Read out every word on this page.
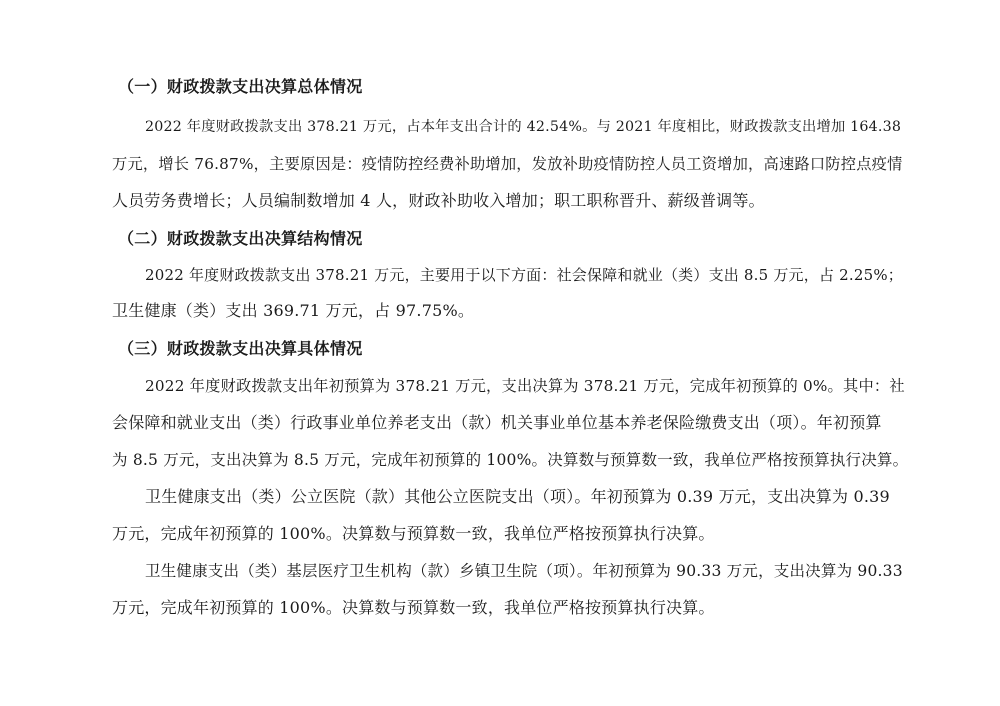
（一）财政拨款支出决算总体情况
2022 年度财政拨款支出 378.21 万元，占本年支出合计的 42.54%。与 2021 年度相比，财政拨款支出增加 164.38
万元，增长 76.87%，主要原因是：疫情防控经费补助增加，发放补助疫情防控人员工资增加，高速路口防控点疫情
人员劳务费增长；人员编制数增加 4 人，财政补助收入增加；职工职称晋升、薪级普调等。
（二）财政拨款支出决算结构情况
2022 年度财政拨款支出 378.21 万元，主要用于以下方面：社会保障和就业（类）支出 8.5 万元，占 2.25%；
卫生健康（类）支出 369.71 万元，占 97.75%。
（三）财政拨款支出决算具体情况
2022 年度财政拨款支出年初预算为 378.21 万元，支出决算为 378.21 万元，完成年初预算的 0%。其中：社
会保障和就业支出（类）行政事业单位养老支出（款）机关事业单位基本养老保险缴费支出（项）。年初预算
为 8.5 万元，支出决算为 8.5 万元，完成年初预算的 100%。决算数与预算数一致，我单位严格按预算执行决算。
卫生健康支出（类）公立医院（款）其他公立医院支出（项）。年初预算为 0.39 万元，支出决算为 0.39
万元，完成年初预算的 100%。决算数与预算数一致，我单位严格按预算执行决算。
卫生健康支出（类）基层医疗卫生机构（款）乡镇卫生院（项）。年初预算为 90.33 万元，支出决算为 90.33
万元，完成年初预算的 100%。决算数与预算数一致，我单位严格按预算执行决算。
